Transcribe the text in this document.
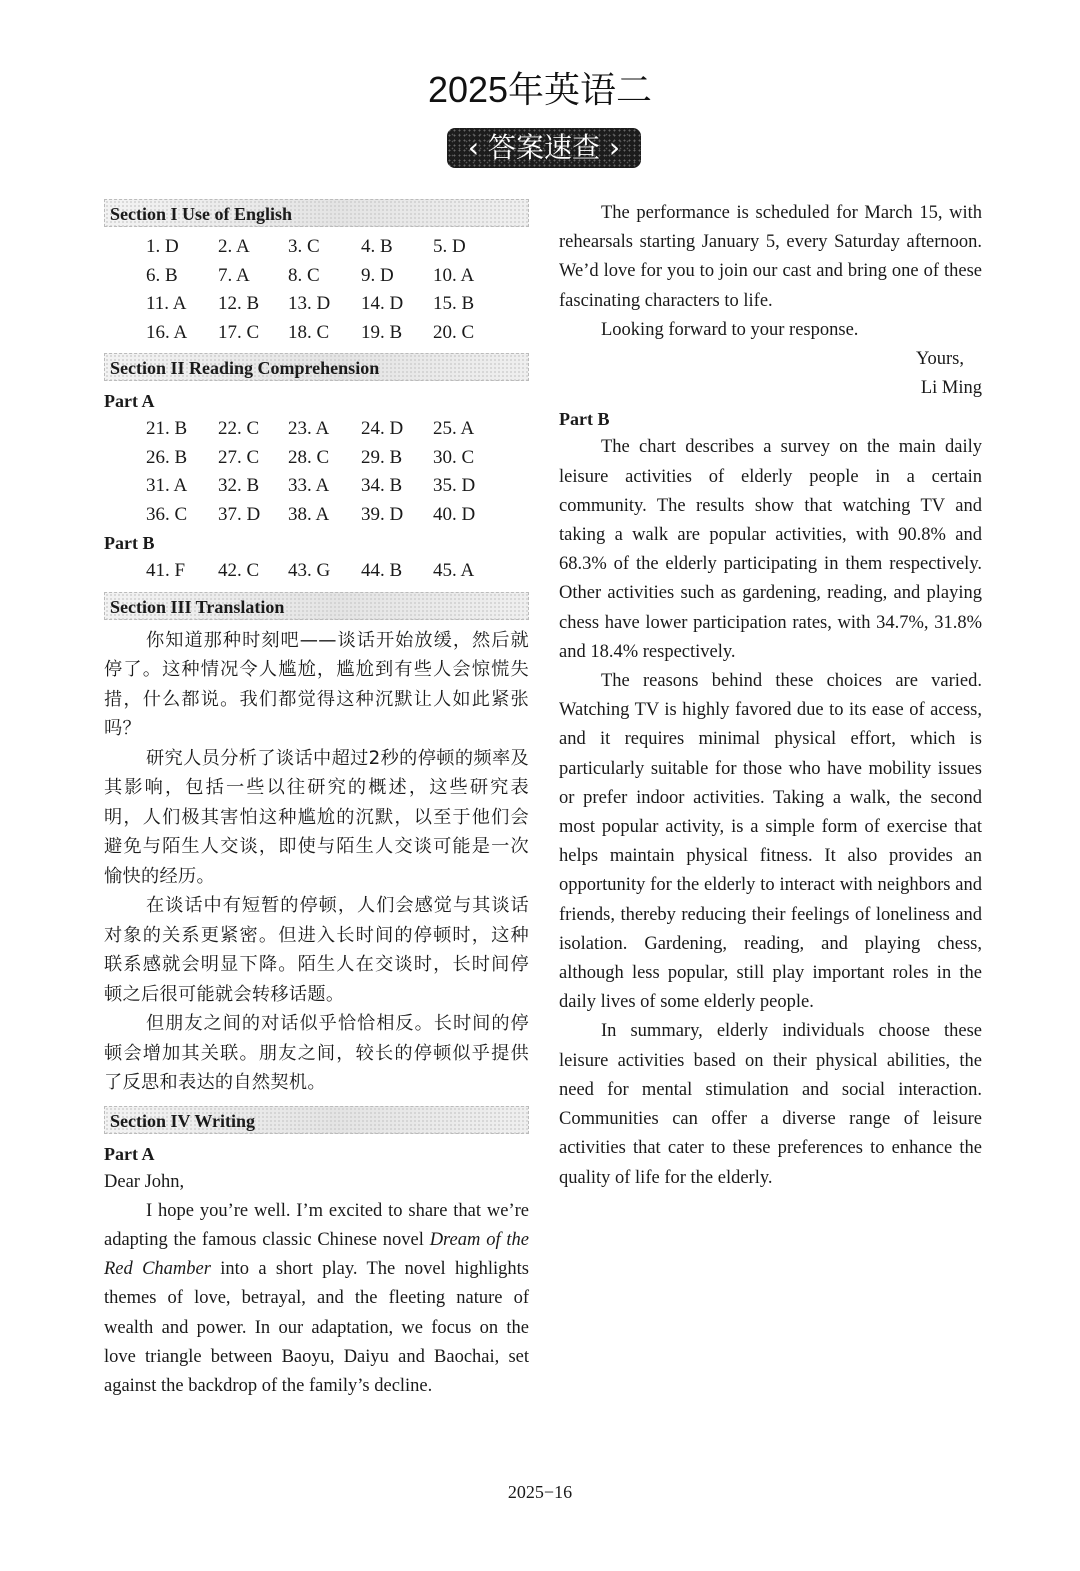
2025年英语二
‹ 答案速查 ›
Section I Use of English
1. D	2. A	3. C	4. B	5. D
6. B	7. A	8. C	9. D	10. A
11. A	12. B	13. D	14. D	15. B
16. A	17. C	18. C	19. B	20. C
Section II Reading Comprehension
Part A
21. B	22. C	23. A	24. D	25. A
26. B	27. C	28. C	29. B	30. C
31. A	32. B	33. A	34. B	35. D
36. C	37. D	38. A	39. D	40. D
Part B
41. F	42. C	43. G	44. B	45. A
Section III Translation

你知道那种时刻吧——谈话开始放缓，然后就停了。这种情况令人尴尬，尴尬到有些人会惊慌失措，什么都说。我们都觉得这种沉默让人如此紧张吗？

研究人员分析了谈话中超过2秒的停顿的频率及其影响，包括一些以往研究的概述，这些研究表明，人们极其害怕这种尴尬的沉默，以至于他们会避免与陌生人交谈，即使与陌生人交谈可能是一次愉快的经历。

在谈话中有短暂的停顿，人们会感觉与其谈话对象的关系更紧密。但进入长时间的停顿时，这种联系感就会明显下降。陌生人在交谈时，长时间停顿之后很可能就会转移话题。

但朋友之间的对话似乎恰恰相反。长时间的停顿会增加其关联。朋友之间，较长的停顿似乎提供了反思和表达的自然契机。

Section IV Writing
Part A

Dear John,

I hope you’re well. I’m excited to share that we’re adapting the famous classic Chinese novel Dream of the Red Chamber into a short play. The novel highlights themes of love, betrayal, and the fleeting nature of wealth and power. In our adaptation, we focus on the love triangle between Baoyu, Daiyu and Baochai, set against the backdrop of the family’s decline.

The performance is scheduled for March 15, with rehearsals starting January 5, every Saturday afternoon. We’d love for you to join our cast and bring one of these fascinating characters to life.

Looking forward to your response.

Yours,

Li Ming

Part B

The chart describes a survey on the main daily leisure activities of elderly people in a certain community. The results show that watching TV and taking a walk are popular activities, with 90.8% and 68.3% of the elderly participating in them respectively. Other activities such as gardening, reading, and playing chess have lower participation rates, with 34.7%, 31.8% and 18.4% respectively.

The reasons behind these choices are varied. Watching TV is highly favored due to its ease of access, and it requires minimal physical effort, which is particularly suitable for those who have mobility issues or prefer indoor activities. Taking a walk, the second most popular activity, is a simple form of exercise that helps maintain physical fitness. It also provides an opportunity for the elderly to interact with neighbors and friends, thereby reducing their feelings of loneliness and isolation. Gardening, reading, and playing chess, although less popular, still play important roles in the daily lives of some elderly people.

In summary, elderly individuals choose these leisure activities based on their physical abilities, the need for mental stimulation and social interaction. Communities can offer a diverse range of leisure activities that cater to these preferences to enhance the quality of life for the elderly.

2025−16
